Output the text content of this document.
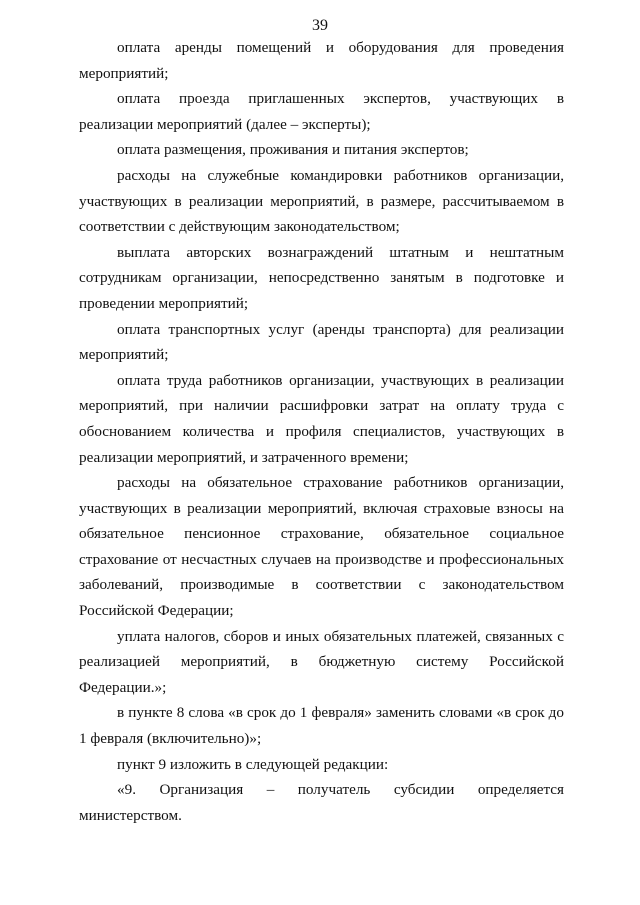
39

оплата аренды помещений и оборудования для проведения мероприятий;

оплата проезда приглашенных экспертов, участвующих в реализации мероприятий (далее – эксперты);

оплата размещения, проживания и питания экспертов;

расходы на служебные командировки работников организации, участвующих в реализации мероприятий, в размере, рассчитываемом в соответствии с действующим законодательством;

выплата авторских вознаграждений штатным и нештатным сотрудникам организации, непосредственно занятым в подготовке и проведении мероприятий;

оплата транспортных услуг (аренды транспорта) для реализации мероприятий;

оплата труда работников организации, участвующих в реализации мероприятий, при наличии расшифровки затрат на оплату труда с обоснованием количества и профиля специалистов, участвующих в реализации мероприятий, и затраченного времени;

расходы на обязательное страхование работников организации, участвующих в реализации мероприятий, включая страховые взносы на обязательное пенсионное страхование, обязательное социальное страхование от несчастных случаев на производстве и профессиональных заболеваний, производимые в соответствии с законодательством Российской Федерации;

уплата налогов, сборов и иных обязательных платежей, связанных с реализацией мероприятий, в бюджетную систему Российской Федерации.»;

в пункте 8 слова «в срок до 1 февраля» заменить словами «в срок до 1 февраля (включительно)»;

пункт 9 изложить в следующей редакции:

«9. Организация – получатель субсидии определяется министерством.
